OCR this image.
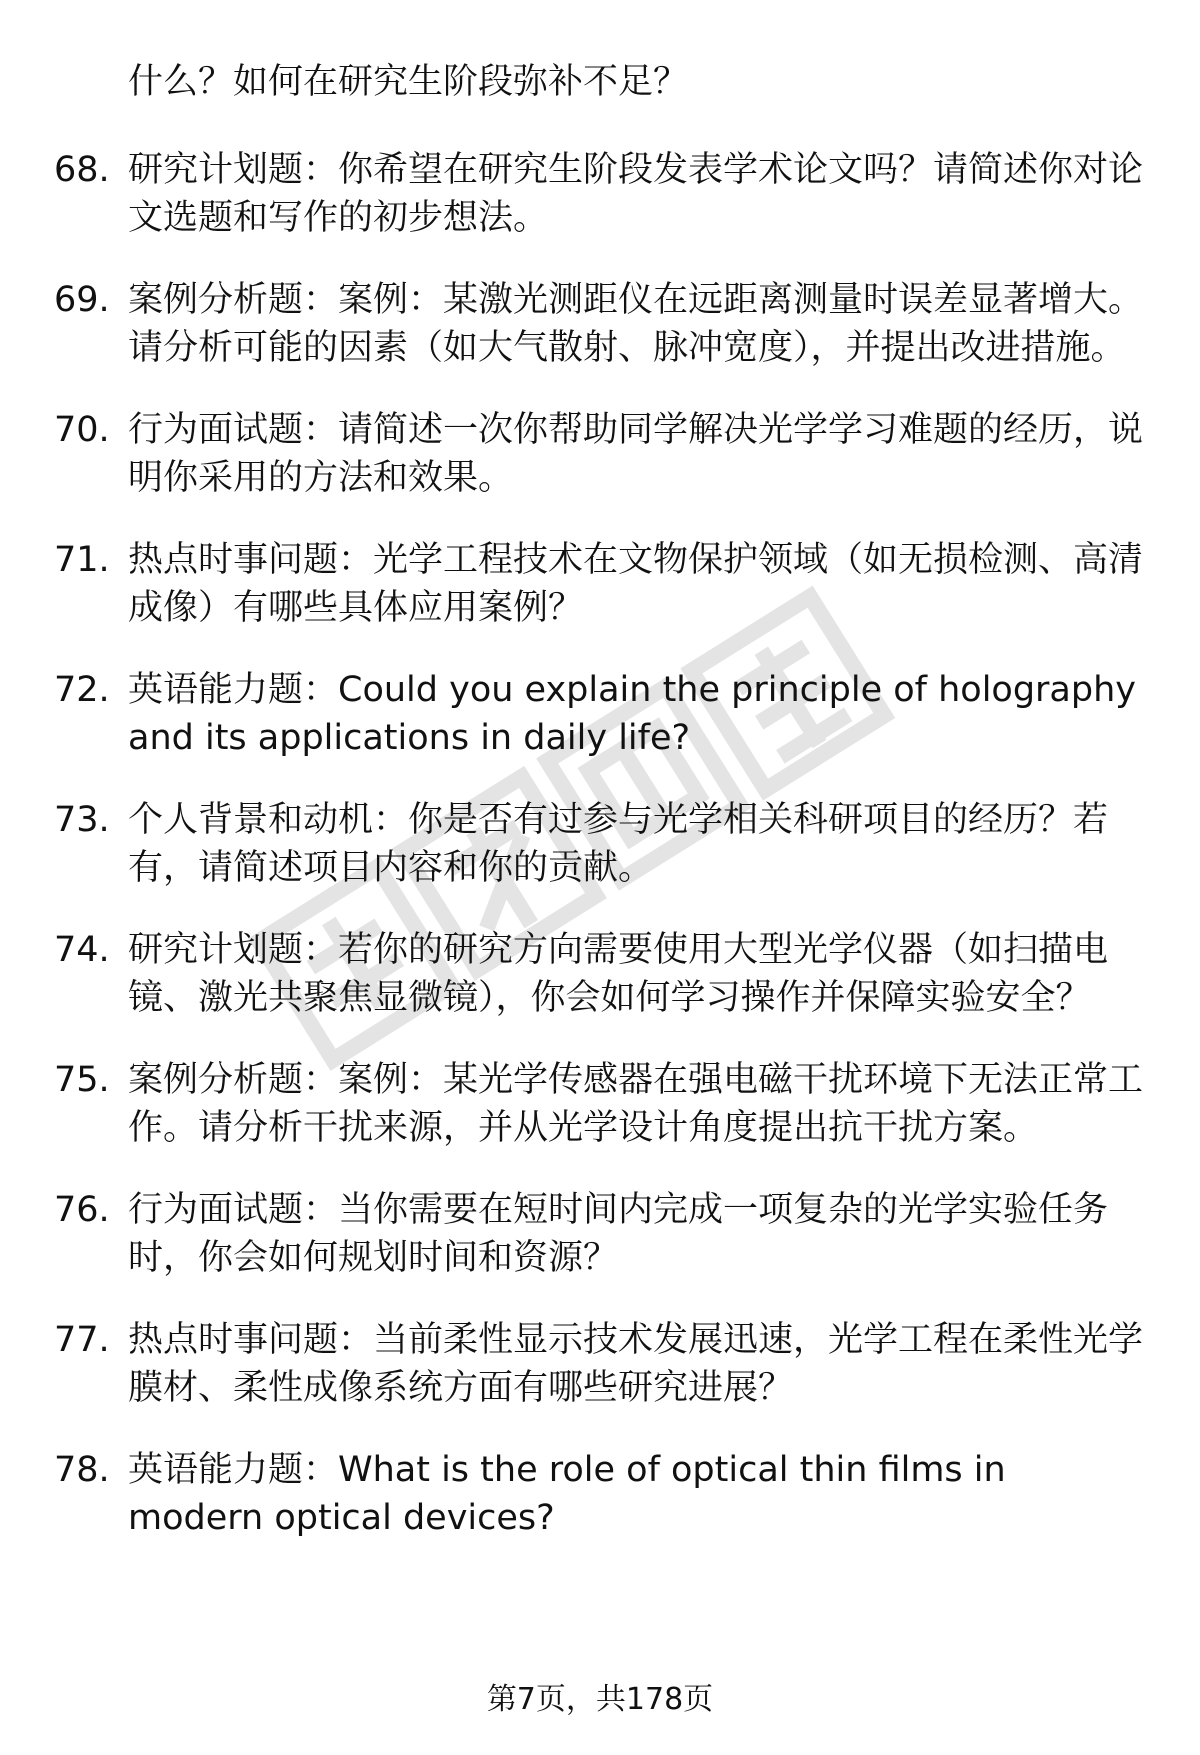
什么？如何在研究生阶段弥补不足？

68. 研究计划题：你希望在研究生阶段发表学术论文吗？请简述你对论文选题和写作的初步想法。
69. 案例分析题：案例：某激光测距仪在远距离测量时误差显著增大。请分析可能的因素（如大气散射、脉冲宽度），并提出改进措施。
70. 行为面试题：请简述一次你帮助同学解决光学学习难题的经历，说明你采用的方法和效果。
71. 热点时事问题：光学工程技术在文物保护领域（如无损检测、高清成像）有哪些具体应用案例？
72. 英语能力题：Could you explain the principle of holography and its applications in daily life?
73. 个人背景和动机：你是否有过参与光学相关科研项目的经历？若有，请简述项目内容和你的贡献。
74. 研究计划题：若你的研究方向需要使用大型光学仪器（如扫描电镜、激光共聚焦显微镜），你会如何学习操作并保障实验安全？
75. 案例分析题：案例：某光学传感器在强电磁干扰环境下无法正常工作。请分析干扰来源，并从光学设计角度提出抗干扰方案。
76. 行为面试题：当你需要在短时间内完成一项复杂的光学实验任务时，你会如何规划时间和资源？
77. 热点时事问题：当前柔性显示技术发展迅速，光学工程在柔性光学膜材、柔性成像系统方面有哪些研究进展？
78. 英语能力题：What is the role of optical thin films in modern optical devices?
第7页，共178页
